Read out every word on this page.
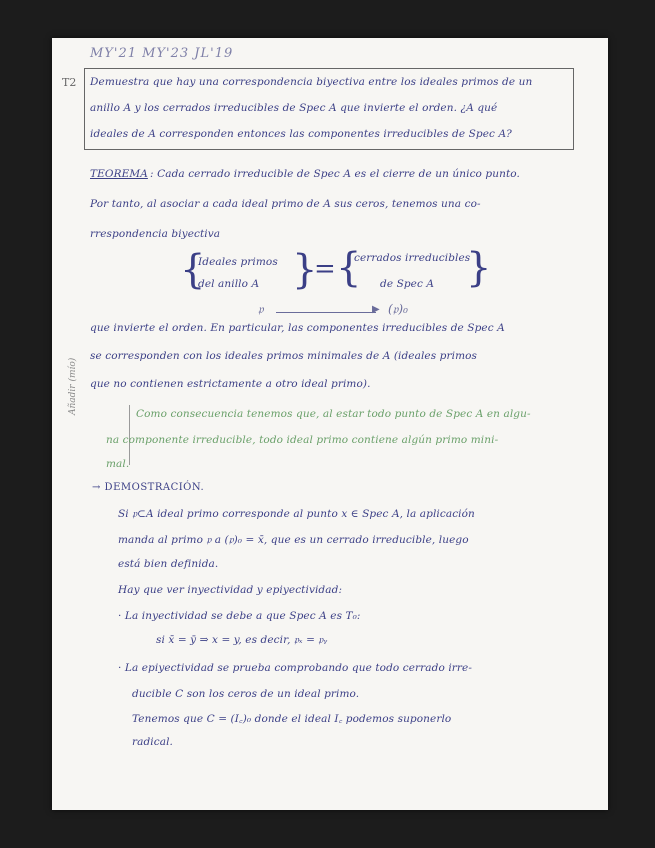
MY'21 MY'23 JL'19
T2 Demuestra que hay una correspondencia biyectiva entre los ideales primos de un
anillo A y los cerrados irreducibles de Spec A que invierte el orden. ¿A qué
ideales de A corresponden entonces las componentes irreducibles de Spec A?
TEOREMA : Cada cerrado irreducible de Spec A es el cierre de un único punto.
Por tanto, al asociar a cada ideal primo de A sus ceros, tenemos una co-
rrespondencia biyectiva
{
Ideales primos
del anillo A }
= {
cerrados irreducibles
de Spec A }
𝔭	▶ (𝔭)₀
que invierte el orden. En particular, las componentes irreducibles de Spec A
se corresponden con los ideales primos minimales de A (ideales primos
que no contienen estrictamente a otro ideal primo).
Añadir (mío)	Como consecuencia tenemos que, al estar todo punto de Spec A en algu-
na componente irreducible, todo ideal primo contiene algún primo mini-
mal.
→ DEMOSTRACIÓN.
Si 𝔭⊂A ideal primo corresponde al punto x ∈ Spec A, la aplicación
manda al primo 𝔭 a (𝔭)₀ = x̄, que es un cerrado irreducible, luego
está bien definida.
Hay que ver inyectividad y epiyectividad:
· La inyectividad se debe a que Spec A es T₀:
si x̄ = ȳ ⇒ x = y, es decir, 𝔭ₓ = 𝔭ᵧ
· La epiyectividad se prueba comprobando que todo cerrado irre-
ducible C son los ceros de un ideal primo.
Tenemos que C = (I꜀)₀ donde el ideal I꜀ podemos suponerlo
radical.
